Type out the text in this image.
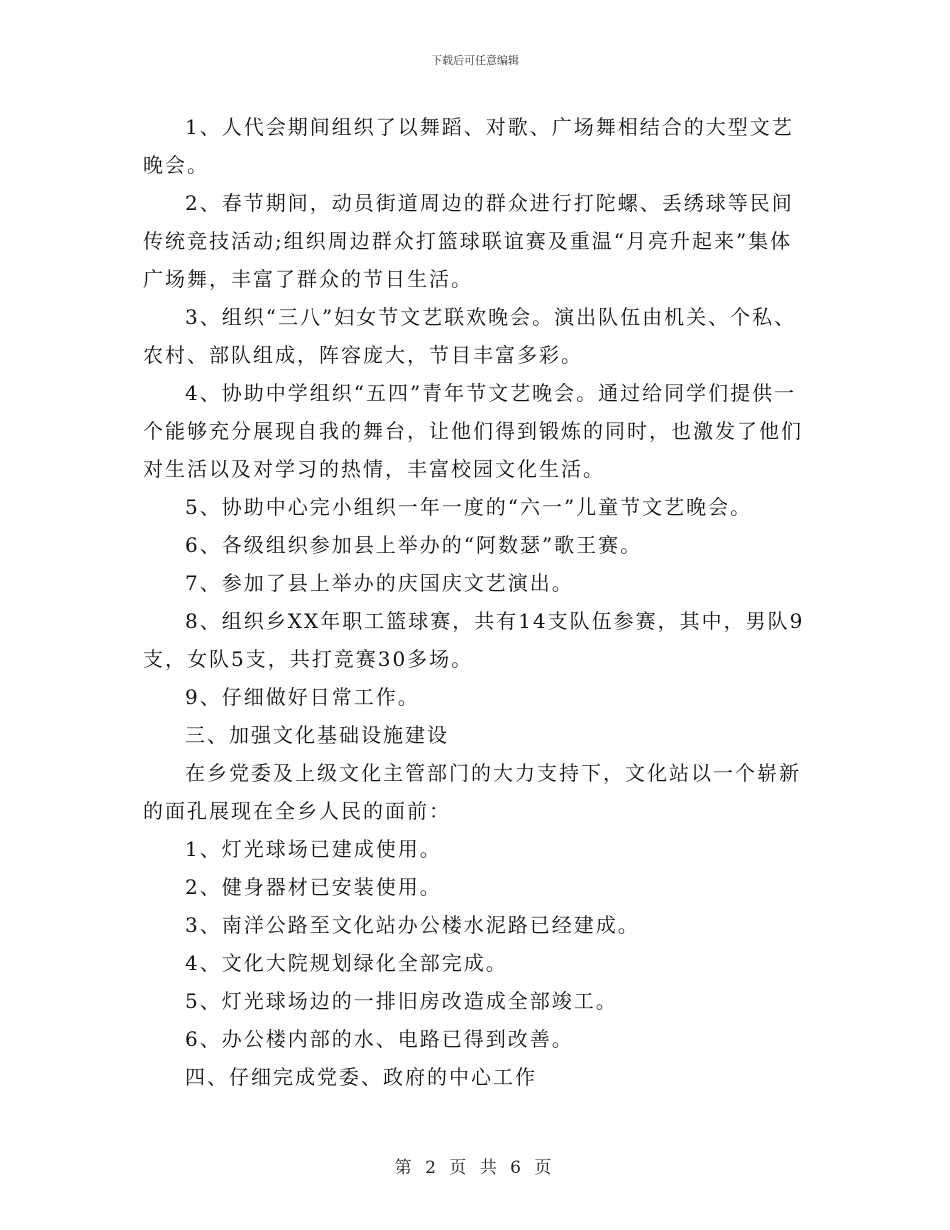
下载后可任意编辑

1、人代会期间组织了以舞蹈、对歌、广场舞相结合的大型文艺晚会。

2、春节期间，动员街道周边的群众进行打陀螺、丢绣球等民间传统竞技活动;组织周边群众打篮球联谊赛及重温“月亮升起来”集体广场舞，丰富了群众的节日生活。

3、组织“三八”妇女节文艺联欢晚会。演出队伍由机关、个私、农村、部队组成，阵容庞大，节目丰富多彩。

4、协助中学组织“五四”青年节文艺晚会。通过给同学们提供一个能够充分展现自我的舞台，让他们得到锻炼的同时，也激发了他们对生活以及对学习的热情，丰富校园文化生活。

5、协助中心完小组织一年一度的“六一”儿童节文艺晚会。

6、各级组织参加县上举办的“阿数瑟”歌王赛。

7、参加了县上举办的庆国庆文艺演出。

8、组织乡XX年职工篮球赛，共有14支队伍参赛，其中，男队9支，女队5支，共打竞赛30多场。

9、仔细做好日常工作。

三、加强文化基础设施建设

在乡党委及上级文化主管部门的大力支持下，文化站以一个崭新的面孔展现在全乡人民的面前：

1、灯光球场已建成使用。

2、健身器材已安装使用。

3、南洋公路至文化站办公楼水泥路已经建成。

4、文化大院规划绿化全部完成。

5、灯光球场边的一排旧房改造成全部竣工。

6、办公楼内部的水、电路已得到改善。

四、仔细完成党委、政府的中心工作

第 2 页 共 6 页
